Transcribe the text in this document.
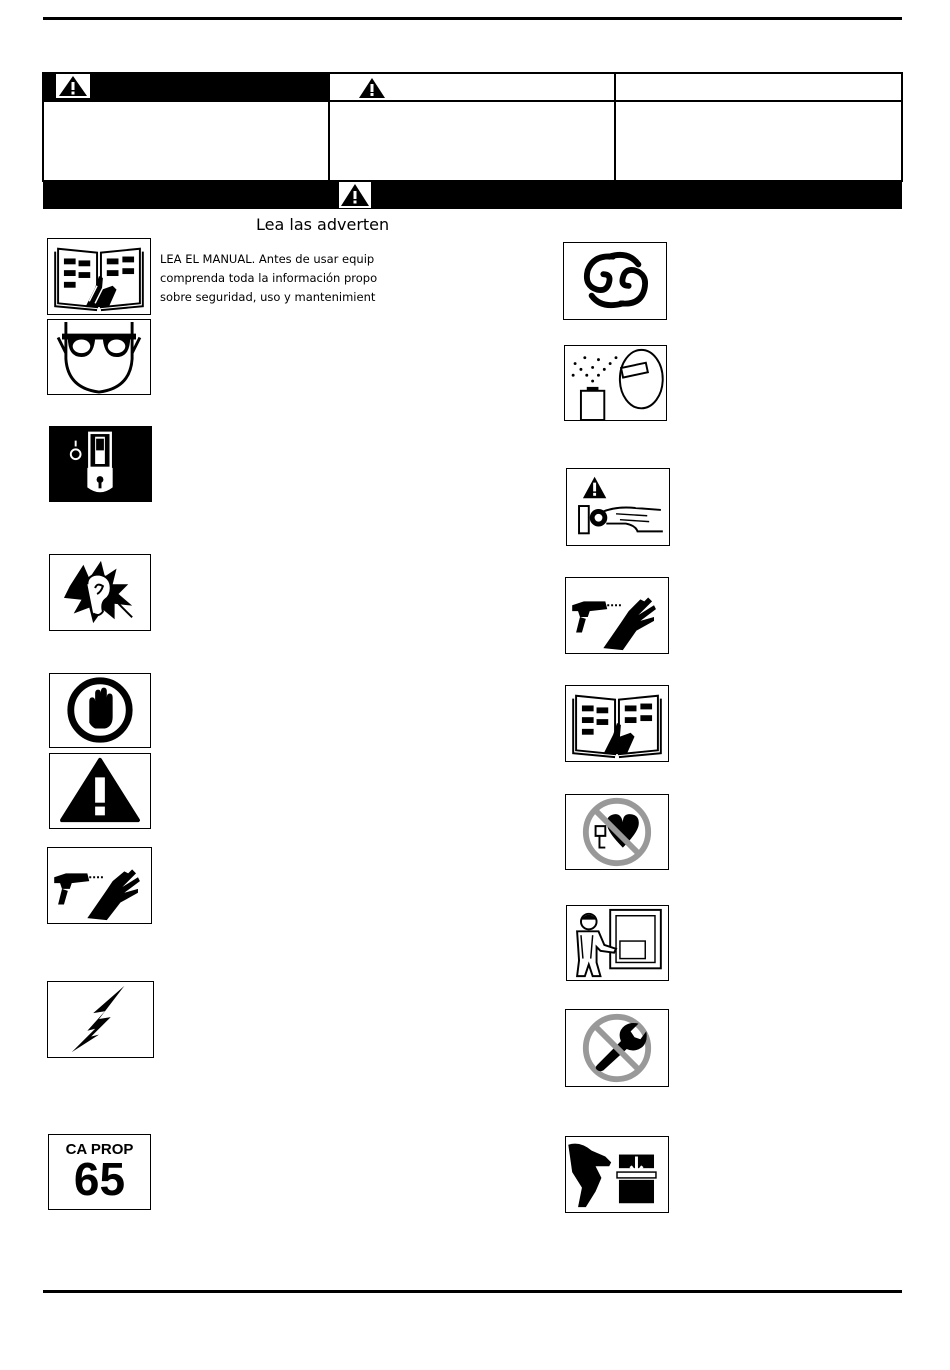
Lea las adverten
LEA EL MANUAL. Antes de usar equip
comprenda toda la información propo
sobre seguridad, uso y mantenimient
CA PROP
65
